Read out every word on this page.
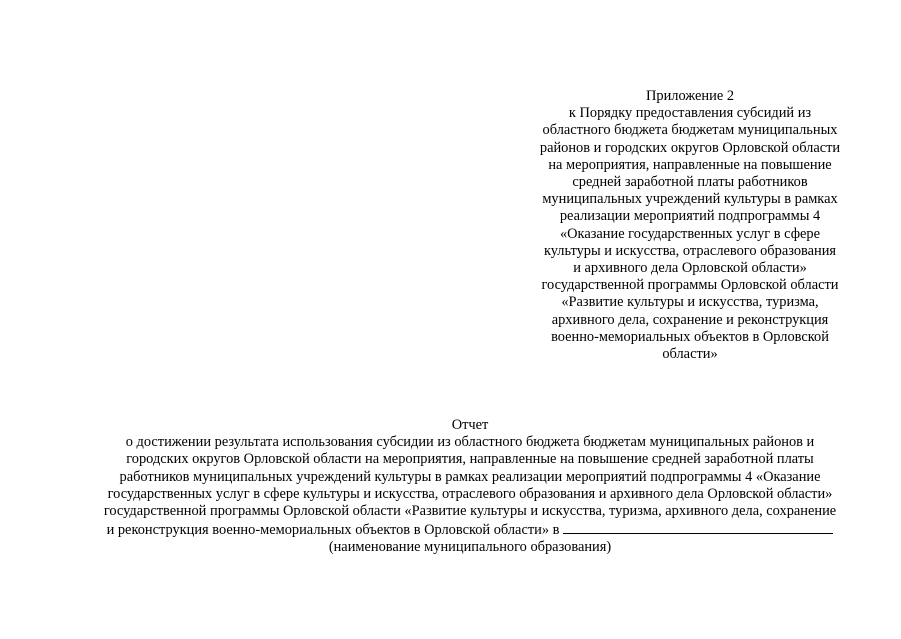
Приложение 2
к Порядку предоставления субсидий из
областного бюджета бюджетам муниципальных
районов и городских округов Орловской области
на мероприятия, направленные на повышение
средней заработной платы работников
муниципальных учреждений культуры в рамках
реализации мероприятий подпрограммы 4
«Оказание государственных услуг в сфере
культуры и искусства, отраслевого образования
и архивного дела Орловской области»
государственной программы Орловской области
«Развитие культуры и искусства, туризма,
архивного дела, сохранение и реконструкция
военно-мемориальных объектов в Орловской
области»
Отчет
о достижении результата использования субсидии из областного бюджета бюджетам муниципальных районов и
городских округов Орловской области на мероприятия, направленные на повышение средней заработной платы
работников муниципальных учреждений культуры в рамках реализации мероприятий подпрограммы 4 «Оказание
государственных услуг в сфере культуры и искусства, отраслевого образования и архивного дела Орловской области»
государственной программы Орловской области «Развитие культуры и искусства, туризма, архивного дела, сохранение
и реконструкция военно-мемориальных объектов в Орловской области» в
(наименование муниципального образования)
